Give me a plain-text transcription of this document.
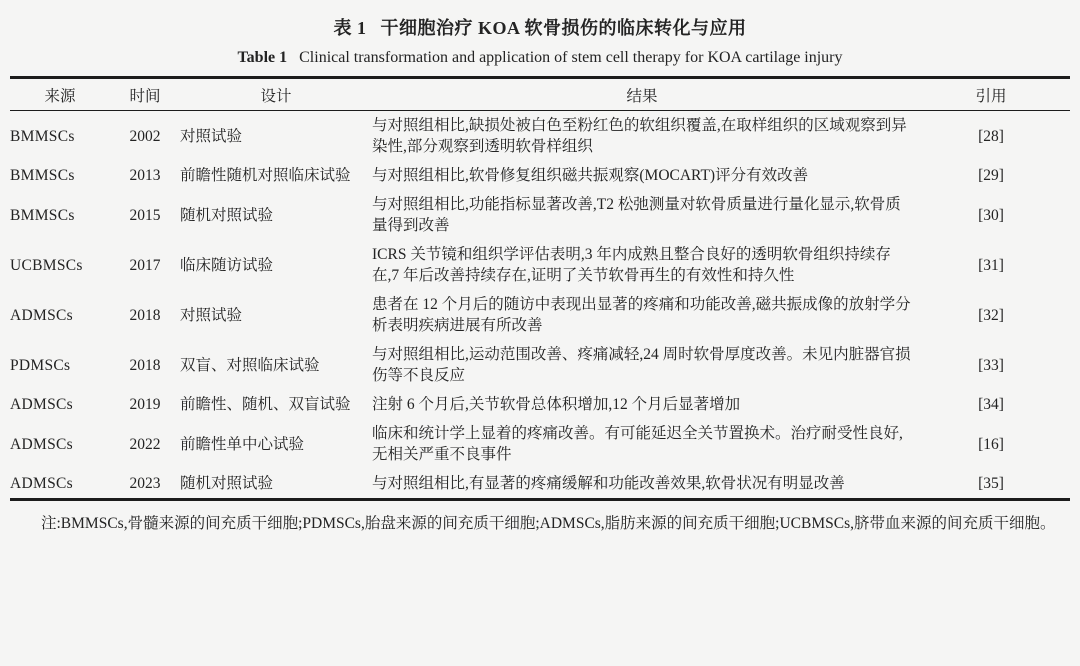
表 1 干细胞治疗 KOA 软骨损伤的临床转化与应用
Table 1 Clinical transformation and application of stem cell therapy for KOA cartilage injury
来源	时间	设计	结果	引用
BMMSCs	2002	对照试验	与对照组相比,缺损处被白色至粉红色的软组织覆盖,在取样组织的区域观察到异染性,部分观察到透明软骨样组织	[28]
BMMSCs	2013	前瞻性随机对照临床试验	与对照组相比,软骨修复组织磁共振观察(MOCART)评分有效改善	[29]
BMMSCs	2015	随机对照试验	与对照组相比,功能指标显著改善,T2 松弛测量对软骨质量进行量化显示,软骨质量得到改善	[30]
UCBMSCs	2017	临床随访试验	ICRS 关节镜和组织学评估表明,3 年内成熟且整合良好的透明软骨组织持续存在,7 年后改善持续存在,证明了关节软骨再生的有效性和持久性	[31]
ADMSCs	2018	对照试验	患者在 12 个月后的随访中表现出显著的疼痛和功能改善,磁共振成像的放射学分析表明疾病进展有所改善	[32]
PDMSCs	2018	双盲、对照临床试验	与对照组相比,运动范围改善、疼痛减轻,24 周时软骨厚度改善。未见内脏器官损伤等不良反应	[33]
ADMSCs	2019	前瞻性、随机、双盲试验	注射 6 个月后,关节软骨总体积增加,12 个月后显著增加	[34]
ADMSCs	2022	前瞻性单中心试验	临床和统计学上显着的疼痛改善。有可能延迟全关节置换术。治疗耐受性良好,无相关严重不良事件	[16]
ADMSCs	2023	随机对照试验	与对照组相比,有显著的疼痛缓解和功能改善效果,软骨状况有明显改善	[35]
注:BMMSCs,骨髓来源的间充质干细胞;PDMSCs,胎盘来源的间充质干细胞;ADMSCs,脂肪来源的间充质干细胞;UCBMSCs,脐带血来源的间充质干细胞。
